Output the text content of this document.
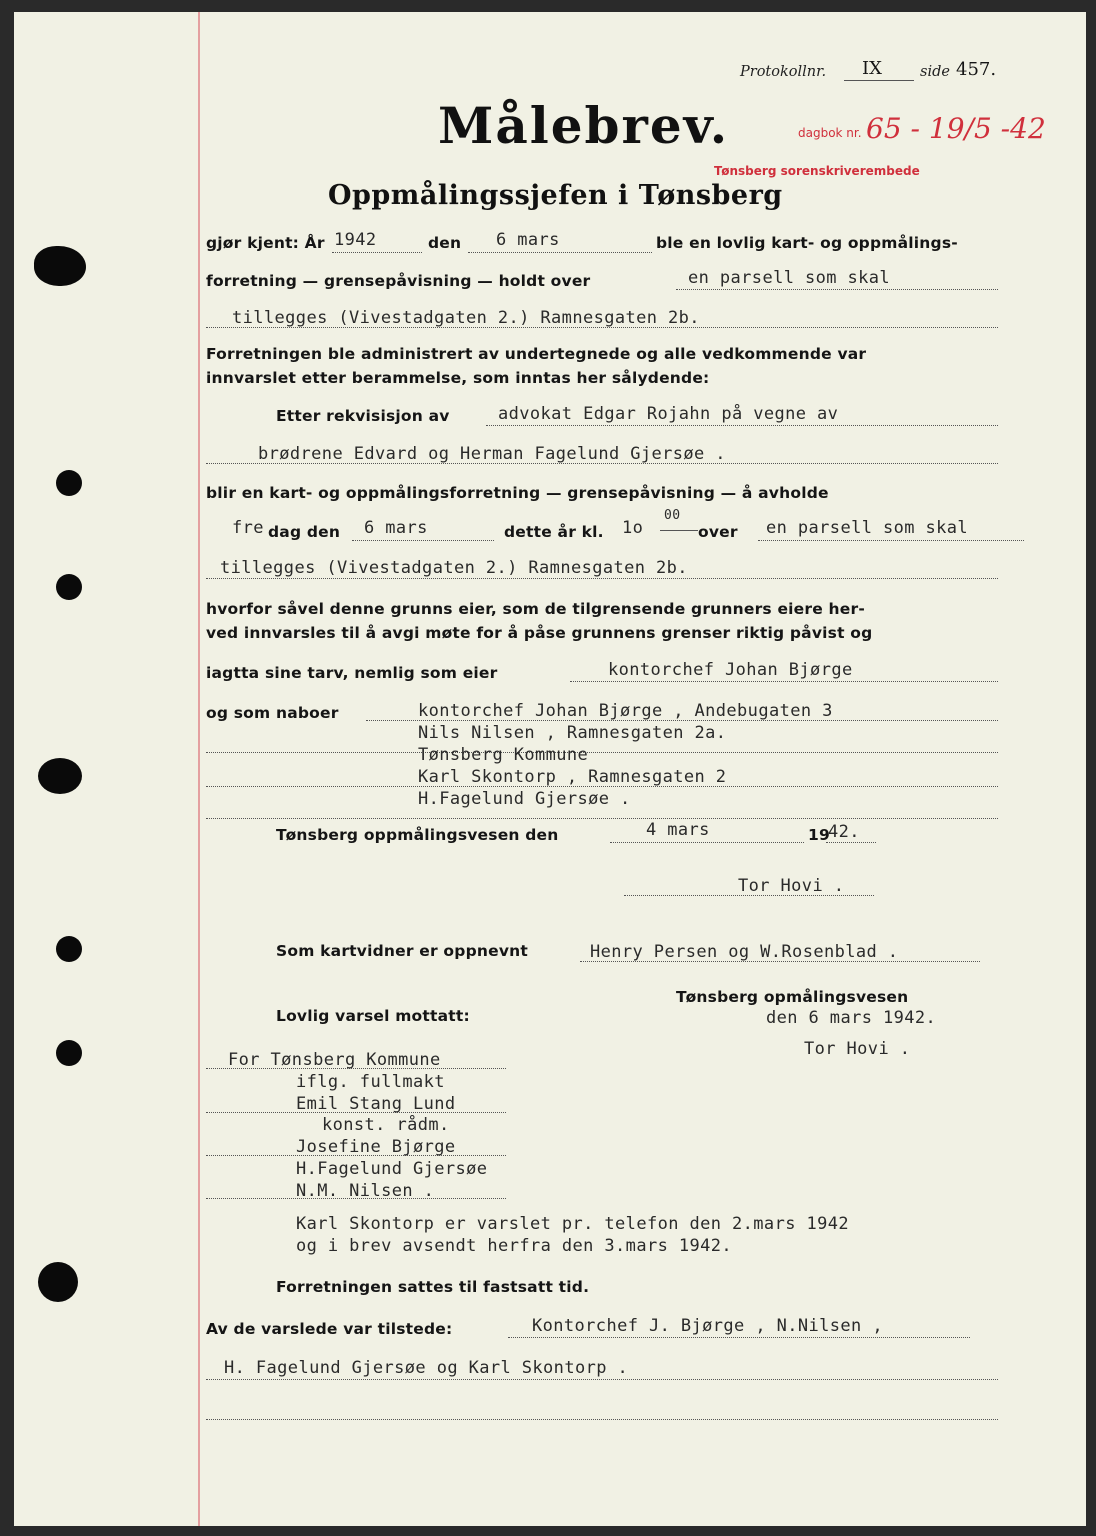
Protokollnr. IX	side 457.
Målebrev.	dagbok nr.
Tønsberg sorenskriverembede
65 - 19/5 -42
Oppmålingssjefen i Tønsberg
gjør kjent: År 1942	den 6 mars	ble en lovlig kart- og oppmålings-
forretning — grensepåvisning — holdt over	en parsell som skal
tillegges (Vivestadgaten 2.) Ramnesgaten 2b.
Forretningen ble administrert av undertegnede og alle vedkommende var
innvarslet etter berammelse, som inntas her sålydende:
Etter rekvisisjon av	advokat Edgar Rojahn på vegne av
brødrene Edvard og Herman Fagelund Gjersøe .
blir en kart- og oppmålingsforretning — grensepåvisning — å avholde
fre dag den 6 mars	dette år kl. 1o
00
over en parsell som skal
tillegges (Vivestadgaten 2.) Ramnesgaten 2b.
hvorfor såvel denne grunns eier, som de tilgrensende grunners eiere her-
ved innvarsles til å avgi møte for å påse grunnens grenser riktig påvist og
iagtta sine tarv, nemlig som eier	kontorchef Johan Bjørge
og som naboer	kontorchef Johan Bjørge , Andebugaten 3
Nils Nilsen , Ramnesgaten 2a.
Tønsberg Kommune
Karl Skontorp , Ramnesgaten 2
H.Fagelund Gjersøe .
Tønsberg oppmålingsvesen den	4 mars	19
42.
Tor Hovi .
Som kartvidner er oppnevnt	Henry Persen og W.Rosenblad .
Lovlig varsel mottatt:
Tønsberg opmålingsvesen
den 6 mars 1942.
Tor Hovi .
For Tønsberg Kommune
iflg. fullmakt
Emil Stang Lund
konst. rådm.
Josefine Bjørge
H.Fagelund Gjersøe
N.M. Nilsen .
Karl Skontorp er varslet pr. telefon den 2.mars 1942
og i brev avsendt herfra den 3.mars 1942.
Forretningen sattes til fastsatt tid.
Av de varslede var tilstede:	Kontorchef J. Bjørge , N.Nilsen ,
H. Fagelund Gjersøe og Karl Skontorp .
